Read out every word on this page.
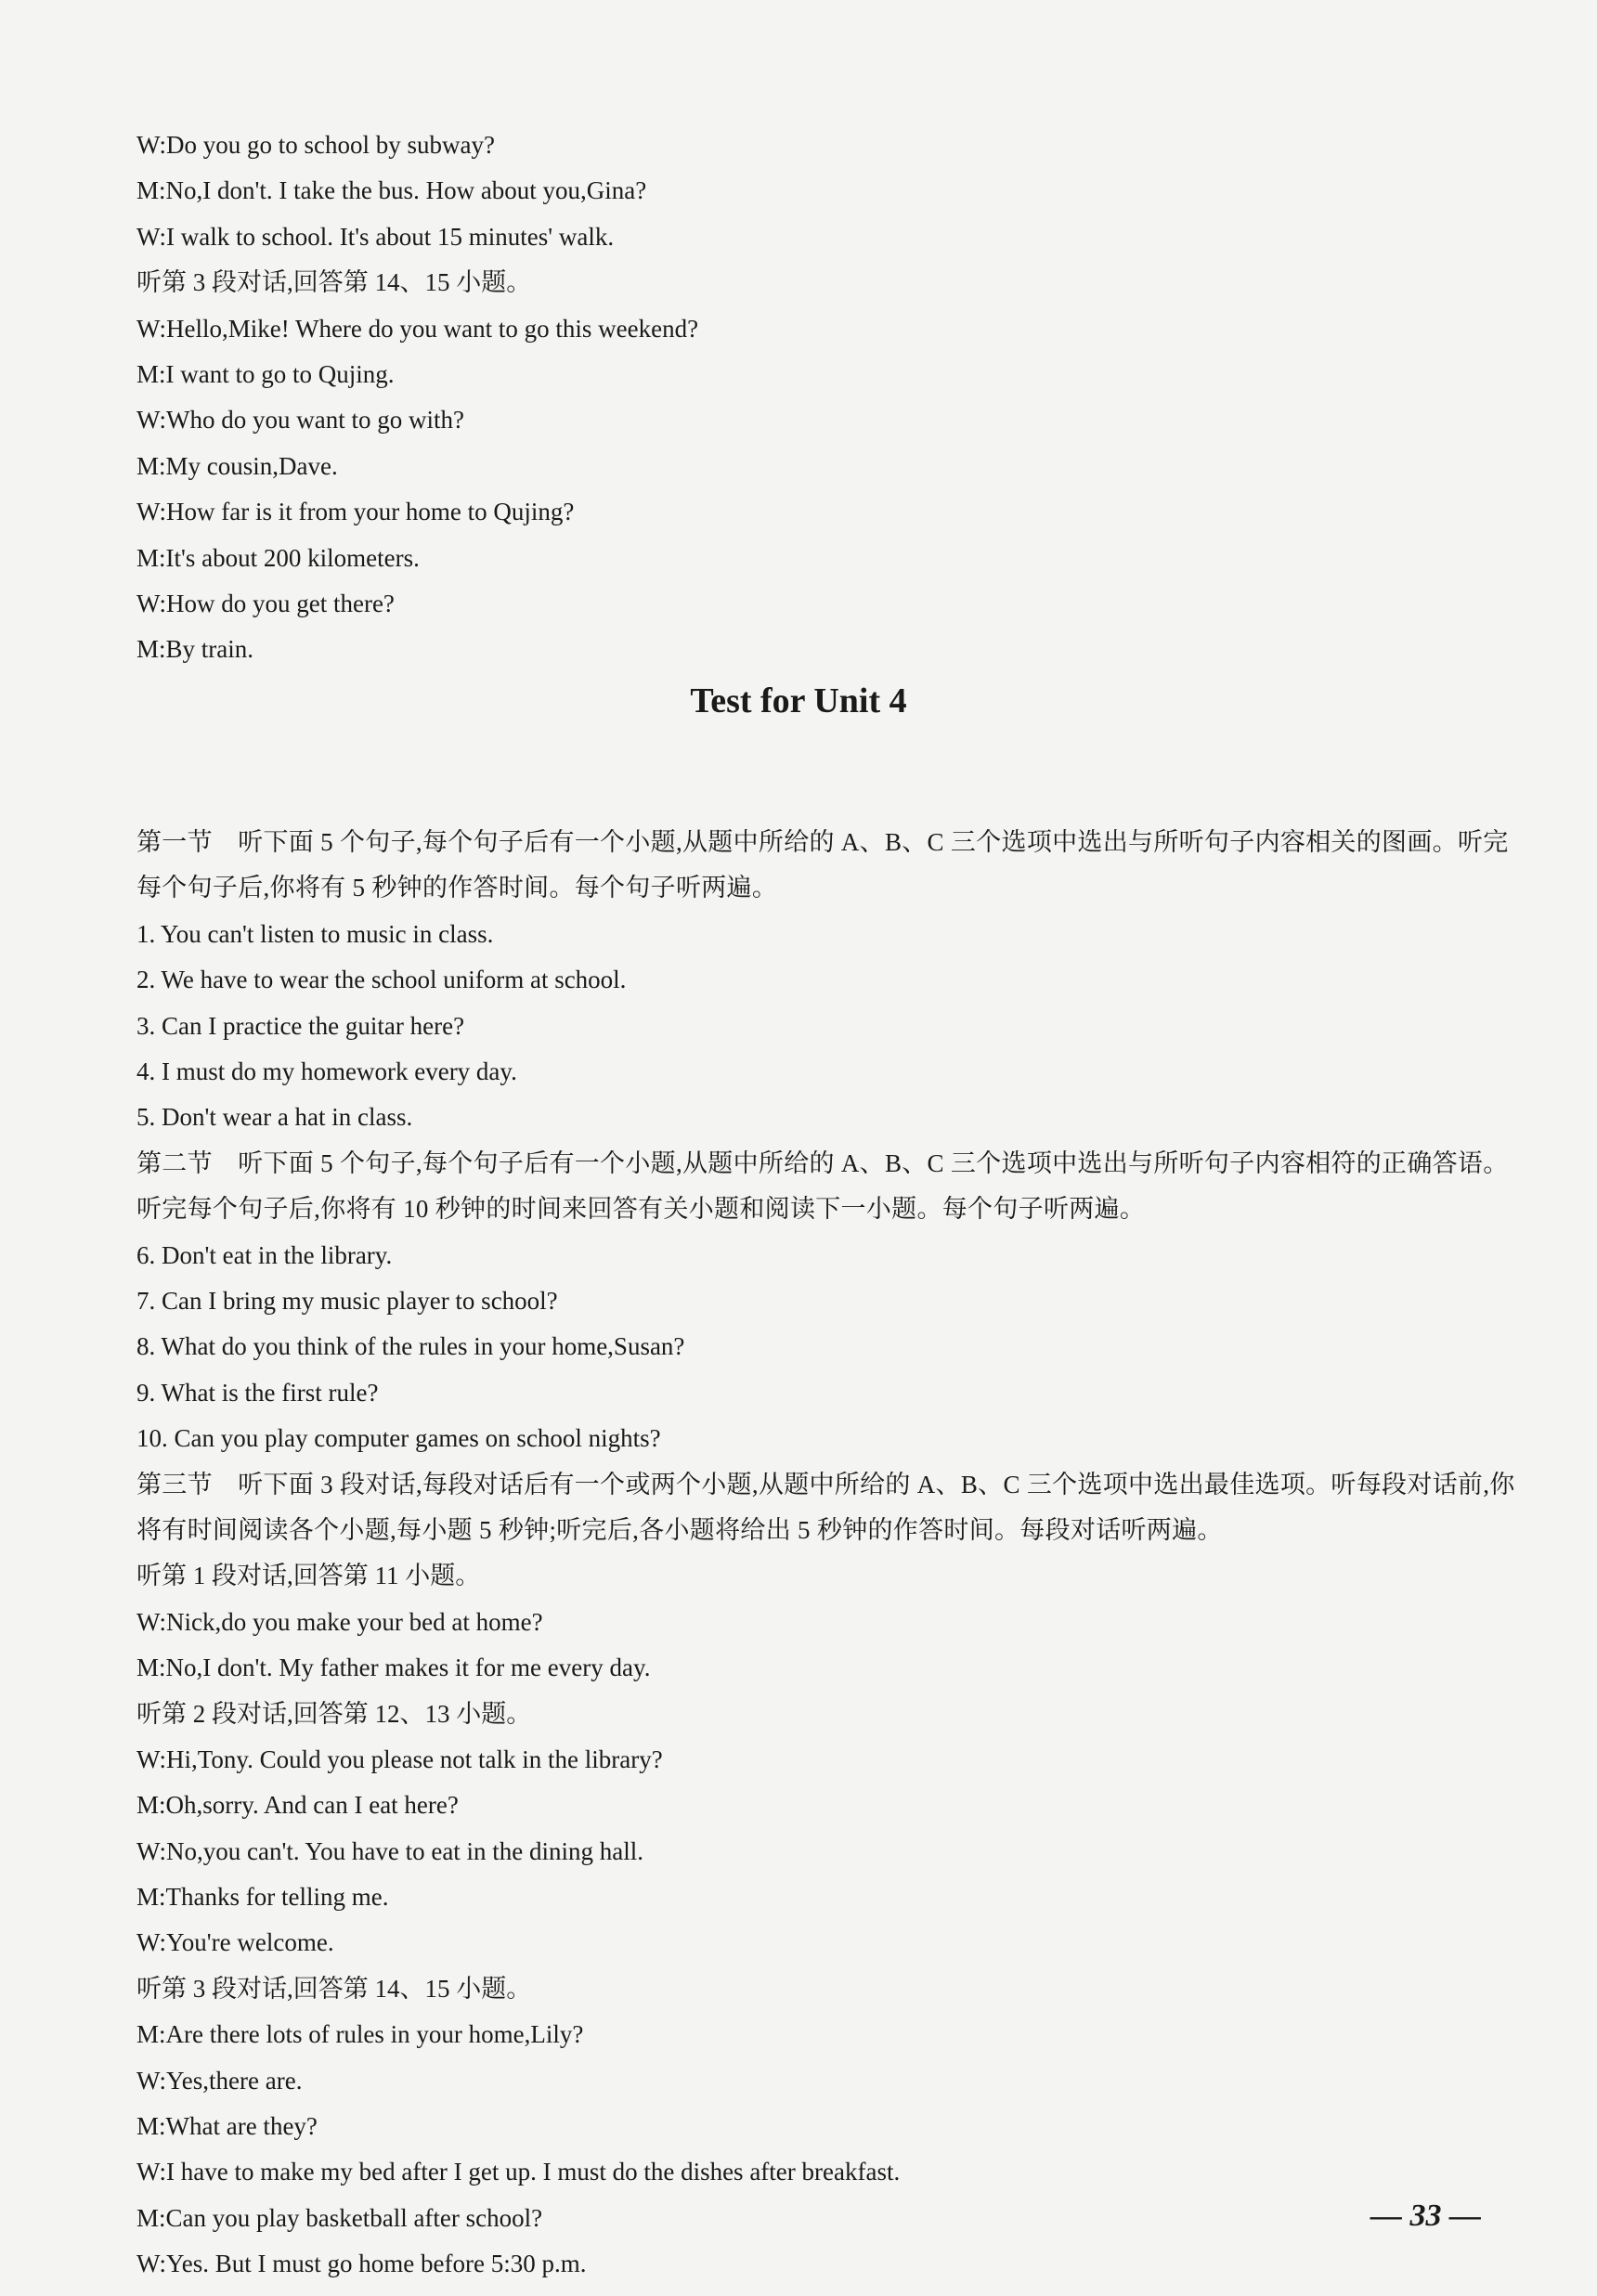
W:Do you go to school by subway?
M:No,I don't. I take the bus. How about you,Gina?
W:I walk to school. It's about 15 minutes' walk.
听第 3 段对话,回答第 14、15 小题。
W:Hello,Mike! Where do you want to go this weekend?
M:I want to go to Qujing.
W:Who do you want to go with?
M:My cousin,Dave.
W:How far is it from your home to Qujing?
M:It's about 200 kilometers.
W:How do you get there?
M:By train.
Test for Unit 4
第一节　听下面 5 个句子,每个句子后有一个小题,从题中所给的 A、B、C 三个选项中选出与所听句子内容相关的图画。听完每个句子后,你将有 5 秒钟的作答时间。每个句子听两遍。
1. You can't listen to music in class.
2. We have to wear the school uniform at school.
3. Can I practice the guitar here?
4. I must do my homework every day.
5. Don't wear a hat in class.
第二节　听下面 5 个句子,每个句子后有一个小题,从题中所给的 A、B、C 三个选项中选出与所听句子内容相符的正确答语。听完每个句子后,你将有 10 秒钟的时间来回答有关小题和阅读下一小题。每个句子听两遍。
6. Don't eat in the library.
7. Can I bring my music player to school?
8. What do you think of the rules in your home,Susan?
9. What is the first rule?
10. Can you play computer games on school nights?
第三节　听下面 3 段对话,每段对话后有一个或两个小题,从题中所给的 A、B、C 三个选项中选出最佳选项。听每段对话前,你将有时间阅读各个小题,每小题 5 秒钟;听完后,各小题将给出 5 秒钟的作答时间。每段对话听两遍。
听第 1 段对话,回答第 11 小题。
W:Nick,do you make your bed at home?
M:No,I don't. My father makes it for me every day.
听第 2 段对话,回答第 12、13 小题。
W:Hi,Tony. Could you please not talk in the library?
M:Oh,sorry. And can I eat here?
W:No,you can't. You have to eat in the dining hall.
M:Thanks for telling me.
W:You're welcome.
听第 3 段对话,回答第 14、15 小题。
M:Are there lots of rules in your home,Lily?
W:Yes,there are.
M:What are they?
W:I have to make my bed after I get up. I must do the dishes after breakfast.
M:Can you play basketball after school?
W:Yes. But I must go home before 5:30 p.m.
— 33 —
